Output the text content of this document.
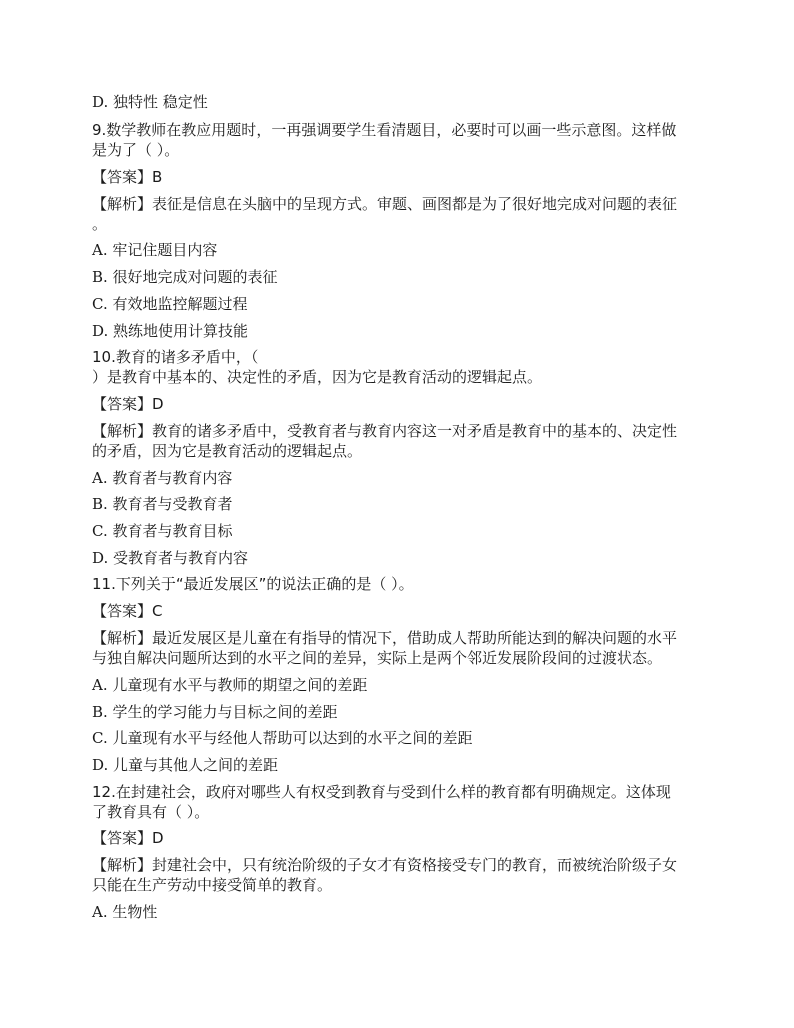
D. 独特性 稳定性
9.数学教师在教应用题时，一再强调要学生看清题目，必要时可以画一些示意图。这样做
是为了（ ）。
【答案】B
【解析】表征是信息在头脑中的呈现方式。审题、画图都是为了很好地完成对问题的表征
。
A. 牢记住题目内容
B. 很好地完成对问题的表征
C. 有效地监控解题过程
D. 熟练地使用计算技能
10.教育的诸多矛盾中，（
）是教育中基本的、决定性的矛盾，因为它是教育活动的逻辑起点。
【答案】D
【解析】教育的诸多矛盾中，受教育者与教育内容这一对矛盾是教育中的基本的、决定性
的矛盾，因为它是教育活动的逻辑起点。
A. 教育者与教育内容
B. 教育者与受教育者
C. 教育者与教育目标
D. 受教育者与教育内容
11.下列关于“最近发展区”的说法正确的是（ ）。
【答案】C
【解析】最近发展区是儿童在有指导的情况下，借助成人帮助所能达到的解决问题的水平
与独自解决问题所达到的水平之间的差异，实际上是两个邻近发展阶段间的过渡状态。
A. 儿童现有水平与教师的期望之间的差距
B. 学生的学习能力与目标之间的差距
C. 儿童现有水平与经他人帮助可以达到的水平之间的差距
D. 儿童与其他人之间的差距
12.在封建社会，政府对哪些人有权受到教育与受到什么样的教育都有明确规定。这体现
了教育具有（ ）。
【答案】D
【解析】封建社会中，只有统治阶级的子女才有资格接受专门的教育，而被统治阶级子女
只能在生产劳动中接受简单的教育。
A. 生物性
